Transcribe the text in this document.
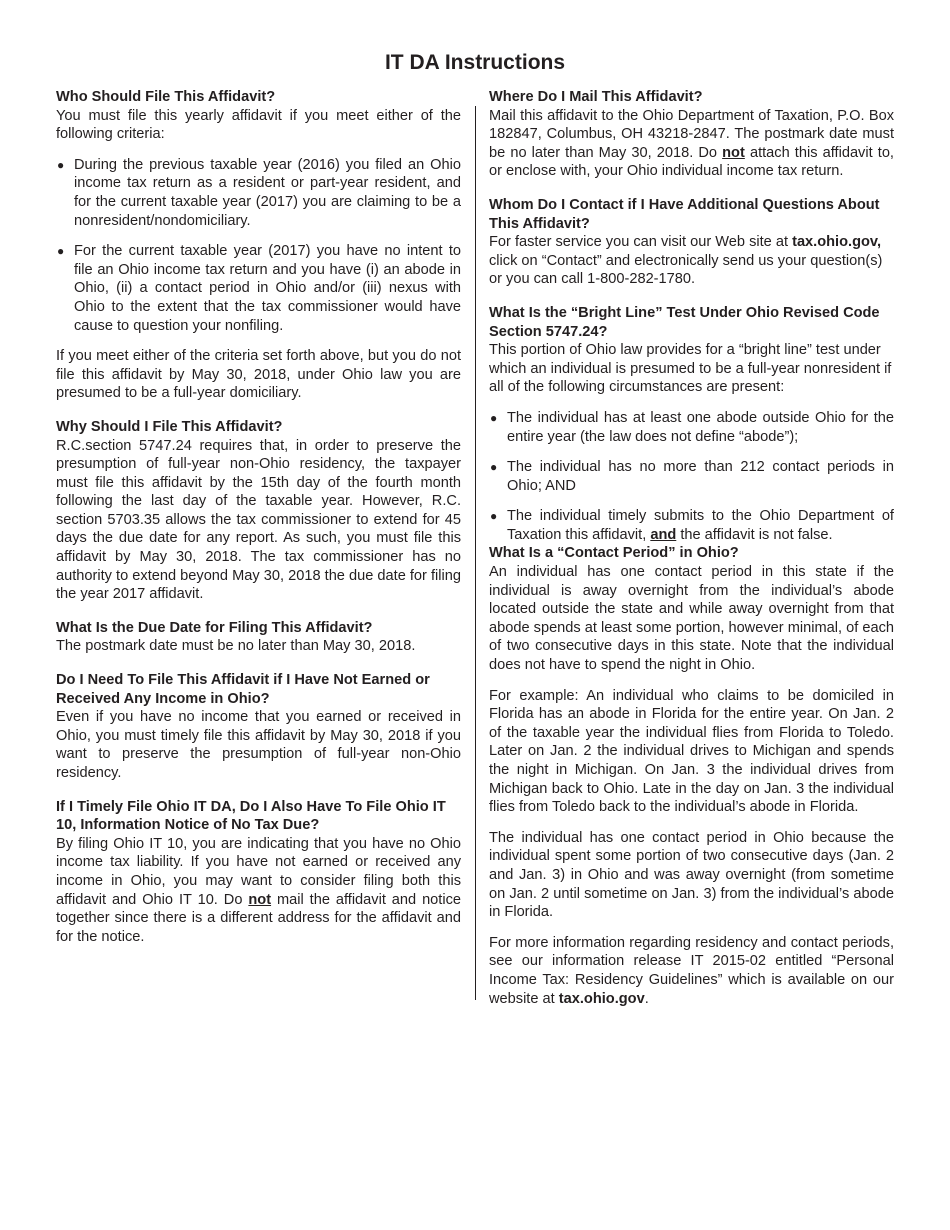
IT DA Instructions
Who Should File This Affidavit?

You must file this yearly affidavit if you meet either of the following criteria:

● During the previous taxable year (2016) you filed an Ohio income tax return as a resident or part-year resident, and for the current taxable year (2017) you are claiming to be a nonresident/nondomiciliary.
● For the current taxable year (2017) you have no intent to file an Ohio income tax return and you have (i) an abode in Ohio, (ii) a contact period in Ohio and/or (iii) nexus with Ohio to the extent that the tax commissioner would have cause to question your nonfiling.

If you meet either of the criteria set forth above, but you do not file this affidavit by May 30, 2018, under Ohio law you are presumed to be a full-year domiciliary.

Why Should I File This Affidavit?

R.C.section 5747.24 requires that, in order to preserve the presumption of full-year non-Ohio residency, the taxpayer must file this affidavit by the 15th day of the fourth month following the last day of the taxable year. However, R.C. section 5703.35 allows the tax commissioner to extend for 45 days the due date for any report. As such, you must file this affidavit by May 30, 2018. The tax commissioner has no authority to extend beyond May 30, 2018 the due date for filing the year 2017 affidavit.

What Is the Due Date for Filing This Affidavit?

The postmark date must be no later than May 30, 2018.

Do I Need To File This Affidavit if I Have Not Earned or Received Any Income in Ohio?

Even if you have no income that you earned or received in Ohio, you must timely file this affidavit by May 30, 2018 if you want to preserve the presumption of full-year non-Ohio residency.

If I Timely File Ohio IT DA, Do I Also Have To File Ohio IT 10, Information Notice of No Tax Due?

By filing Ohio IT 10, you are indicating that you have no Ohio income tax liability. If you have not earned or received any income in Ohio, you may want to consider filing both this affidavit and Ohio IT 10. Do not mail the affidavit and notice together since there is a different address for the affidavit and for the notice.

Where Do I Mail This Affidavit?

Mail this affidavit to the Ohio Department of Taxation, P.O. Box 182847, Columbus, OH 43218-2847. The postmark date must be no later than May 30, 2018. Do not attach this affidavit to, or enclose with, your Ohio individual income tax return.

Whom Do I Contact if I Have Additional Questions About This Affidavit?

For faster service you can visit our Web site at tax.ohio.gov, click on “Contact” and electronically send us your question(s) or you can call 1-800-282-1780.

What Is the “Bright Line” Test Under Ohio Revised Code Section 5747.24?

This portion of Ohio law provides for a “bright line” test under which an individual is presumed to be a full-year nonresident if all of the following circumstances are present:

● The individual has at least one abode outside Ohio for the entire year (the law does not define “abode”);
● The individual has no more than 212 contact periods in Ohio; AND
● The individual timely submits to the Ohio Department of Taxation this affidavit, and the affidavit is not false.
What Is a “Contact Period” in Ohio?

An individual has one contact period in this state if the individual is away overnight from the individual’s abode located outside the state and while away overnight from that abode spends at least some portion, however minimal, of each of two consecutive days in this state. Note that the individual does not have to spend the night in Ohio.

For example: An individual who claims to be domiciled in Florida has an abode in Florida for the entire year. On Jan. 2 of the taxable year the individual flies from Florida to Toledo. Later on Jan. 2 the individual drives to Michigan and spends the night in Michigan. On Jan. 3 the individual drives from Michigan back to Ohio. Late in the day on Jan. 3 the individual flies from Toledo back to the individual’s abode in Florida.

The individual has one contact period in Ohio because the individual spent some portion of two consecutive days (Jan. 2 and Jan. 3) in Ohio and was away overnight (from sometime on Jan. 2 until sometime on Jan. 3) from the individual’s abode in Florida.

For more information regarding residency and contact periods, see our information release IT 2015-02 entitled “Personal Income Tax: Residency Guidelines” which is available on our website at tax.ohio.gov.
